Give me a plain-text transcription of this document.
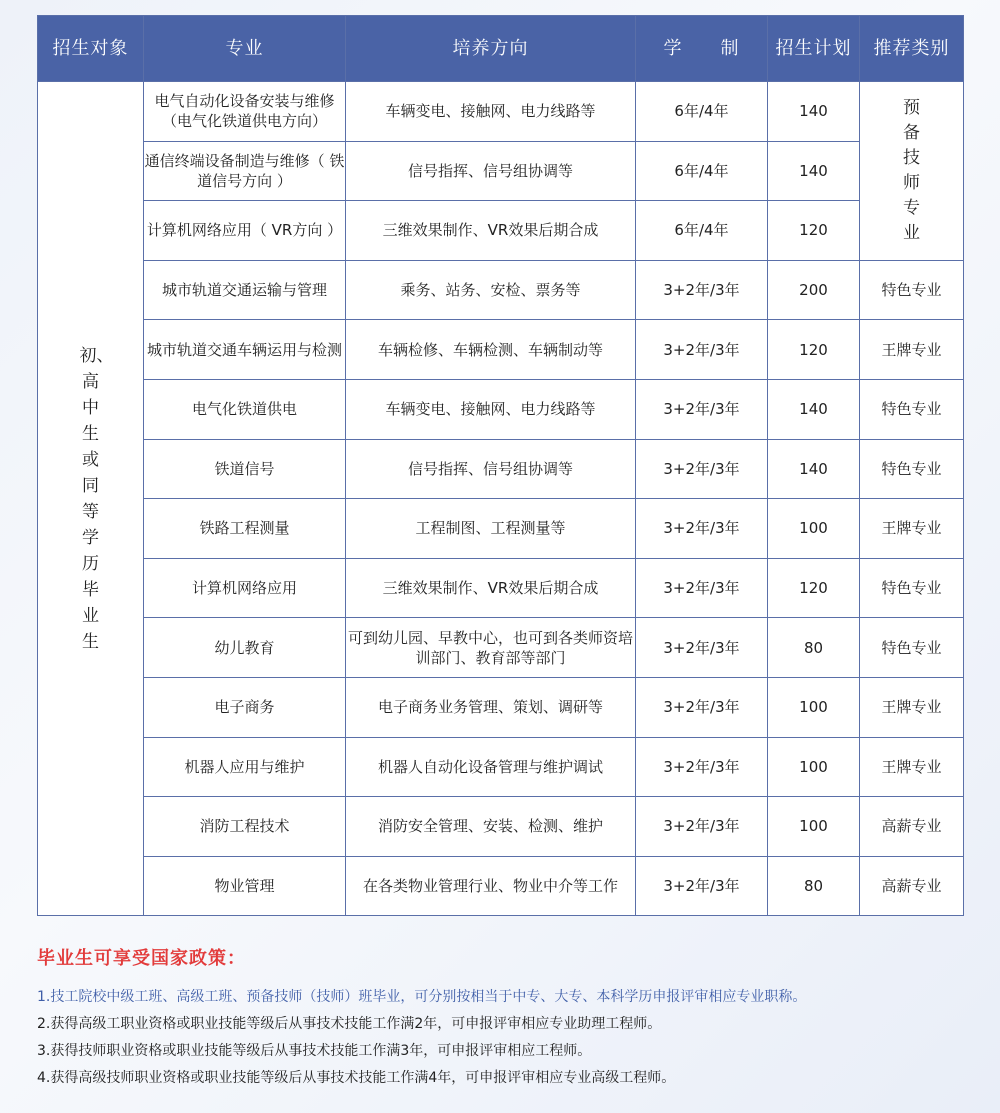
招生对象	专业	培养方向	学　　制	招生计划	推荐类别

初、高中生或同等学历毕业生	电气自动化设备安装与维修（电气化铁道供电方向）	车辆变电、接触网、电力线路等	6年/4年	140	预备技师专业

	通信终端设备制造与维修（ 铁道信号方向 ）	信号指挥、信号组协调等	6年/4年	140	
	计算机网络应用（ VR方向 ）	三维效果制作、VR效果后期合成	6年/4年	120	
	城市轨道交通运输与管理	乘务、站务、安检、票务等	3+2年/3年	200	特色专业
	城市轨道交通车辆运用与检测	车辆检修、车辆检测、车辆制动等	3+2年/3年	120	王牌专业
	电气化铁道供电	车辆变电、接触网、电力线路等	3+2年/3年	140	特色专业
	铁道信号	信号指挥、信号组协调等	3+2年/3年	140	特色专业
	铁路工程测量	工程制图、工程测量等	3+2年/3年	100	王牌专业
	计算机网络应用	三维效果制作、VR效果后期合成	3+2年/3年	120	特色专业
	幼儿教育	可到幼儿园、早教中心，也可到各类师资培训部门、教育部等部门	3+2年/3年	80	特色专业
	电子商务	电子商务业务管理、策划、调研等	3+2年/3年	100	王牌专业
	机器人应用与维护	机器人自动化设备管理与维护调试	3+2年/3年	100	王牌专业
	消防工程技术	消防安全管理、安装、检测、维护	3+2年/3年	100	高薪专业
	物业管理	在各类物业管理行业、物业中介等工作	3+2年/3年	80	高薪专业
毕业生可享受国家政策：
1.技工院校中级工班、高级工班、预备技师（技师）班毕业，可分别按相当于中专、大专、本科学历申报评审相应专业职称。
2.获得高级工职业资格或职业技能等级后从事技术技能工作满2年，可申报评审相应专业助理工程师。
3.获得技师职业资格或职业技能等级后从事技术技能工作满3年，可申报评审相应工程师。
4.获得高级技师职业资格或职业技能等级后从事技术技能工作满4年，可申报评审相应专业高级工程师。
